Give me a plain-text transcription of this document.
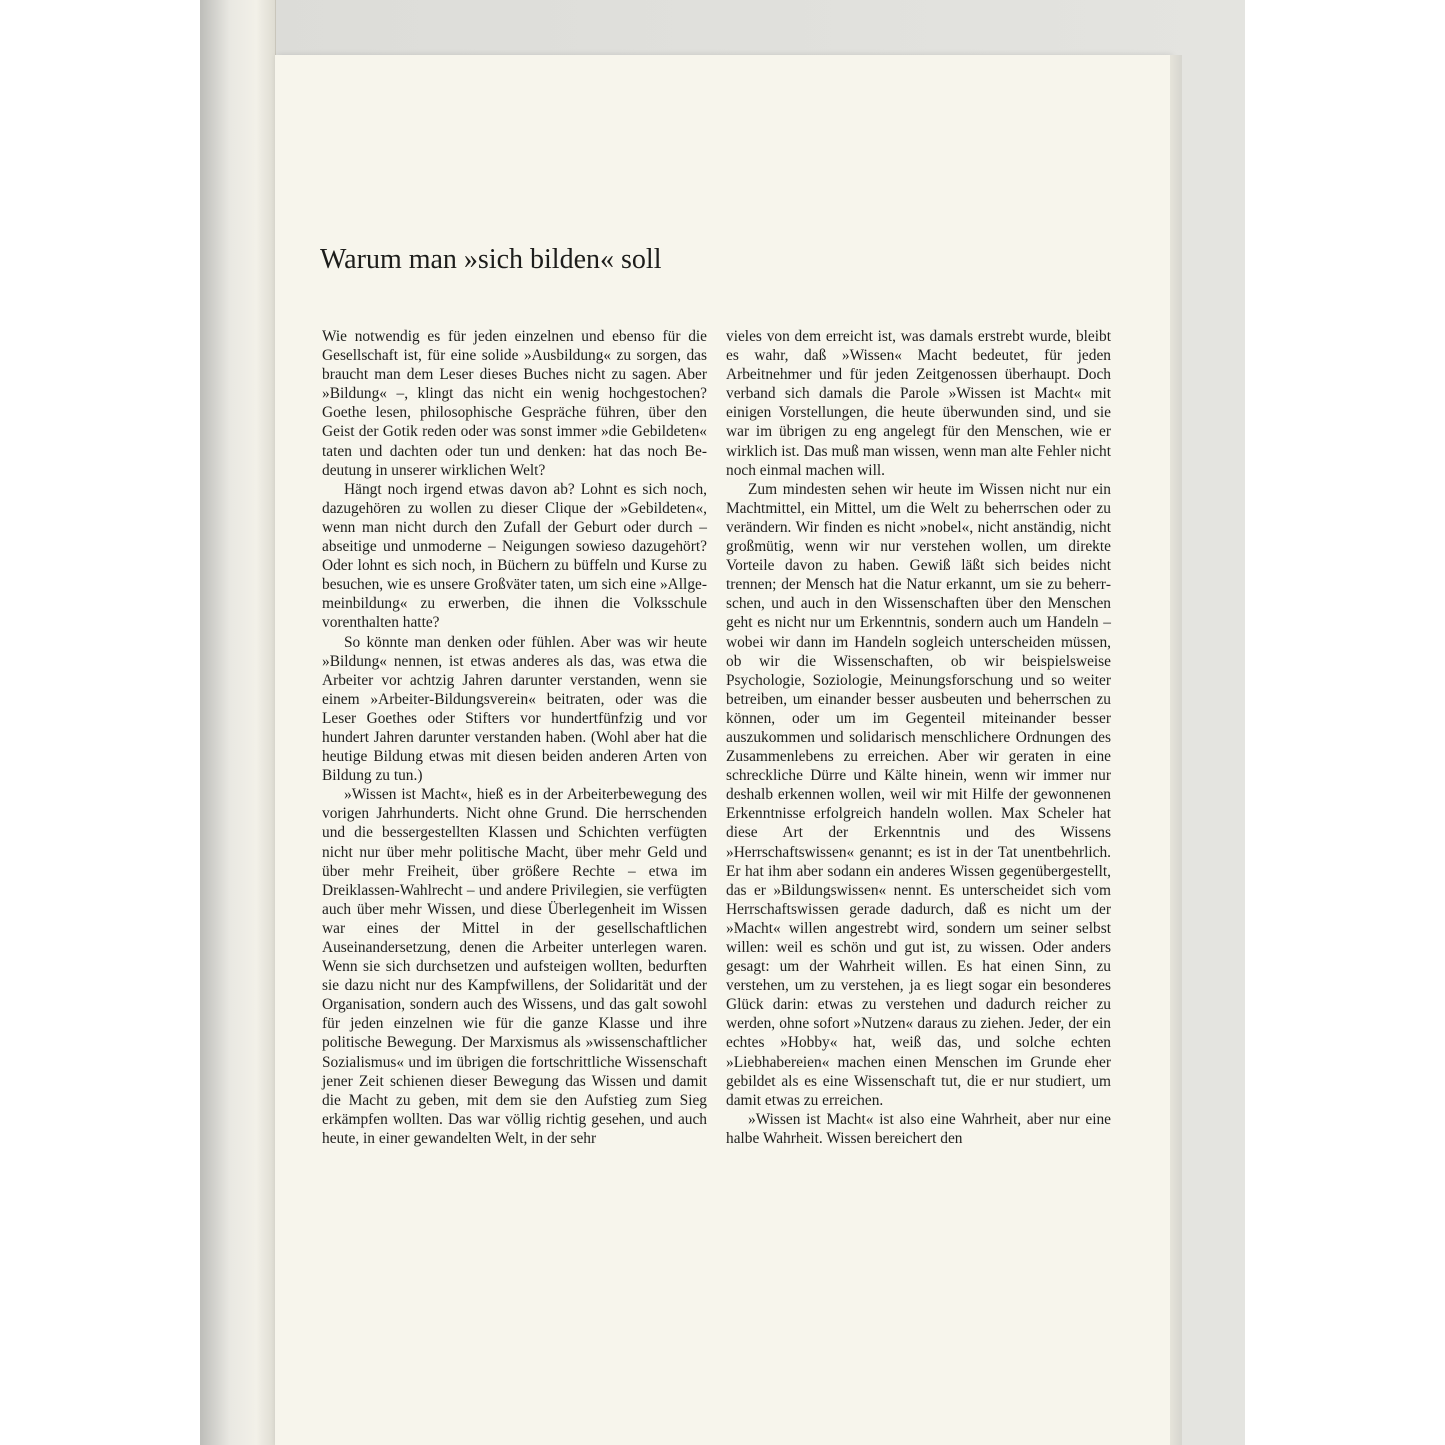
Warum man »sich bilden« soll

Wie notwendig es für jeden einzelnen und ebenso für die Gesellschaft ist, für eine solide »Ausbildung« zu sorgen, das braucht man dem Leser dieses Buches nicht zu sagen. Aber »Bildung« –, klingt das nicht ein wenig hochgestochen? Goethe lesen, philosophische Gespräche führen, über den Geist der Gotik reden oder was sonst immer »die Gebildeten« taten und dachten oder tun und denken: hat das noch Bedeutung in unserer wirklichen Welt?

Hängt noch irgend etwas davon ab? Lohnt es sich noch, dazugehören zu wollen zu dieser Clique der »Gebildeten«, wenn man nicht durch den Zufall der Geburt oder durch – abseitige und unmoderne – Neigungen sowieso dazugehört? Oder lohnt es sich noch, in Büchern zu büffeln und Kurse zu besuchen, wie es unsere Großväter taten, um sich eine »Allgemeinbildung« zu erwerben, die ihnen die Volksschule vorenthalten hatte?

So könnte man denken oder fühlen. Aber was wir heute »Bildung« nennen, ist etwas anderes als das, was etwa die Arbeiter vor achtzig Jahren darunter verstanden, wenn sie einem »Arbeiter-Bildungsverein« beitraten, oder was die Leser Goethes oder Stifters vor hundertfünfzig und vor hundert Jahren darunter verstanden haben. (Wohl aber hat die heutige Bildung etwas mit diesen beiden anderen Arten von Bildung zu tun.)

»Wissen ist Macht«, hieß es in der Arbeiterbewegung des vorigen Jahrhunderts. Nicht ohne Grund. Die herrschenden und die bessergestellten Klassen und Schichten verfügten nicht nur über mehr politische Macht, über mehr Geld und über mehr Freiheit, über größere Rechte – etwa im Dreiklassen-Wahlrecht – und andere Privilegien, sie verfügten auch über mehr Wissen, und diese Überlegenheit im Wissen war eines der Mittel in der gesellschaftlichen Auseinandersetzung, denen die Arbeiter unterlegen waren. Wenn sie sich durchsetzen und aufsteigen wollten, bedurften sie dazu nicht nur des Kampfwillens, der Solidarität und der Organisation, sondern auch des Wissens, und das galt sowohl für jeden einzelnen wie für die ganze Klasse und ihre politische Bewegung. Der Marxismus als »wissenschaftlicher Sozialismus« und im übrigen die fortschrittliche Wissenschaft jener Zeit schienen dieser Bewegung das Wissen und damit die Macht zu geben, mit dem sie den Aufstieg zum Sieg erkämpfen wollten. Das war völlig richtig gesehen, und auch heute, in einer gewandelten Welt, in der sehr

vieles von dem erreicht ist, was damals erstrebt wurde, bleibt es wahr, daß »Wissen« Macht bedeutet, für jeden Arbeitnehmer und für jeden Zeitgenossen überhaupt. Doch verband sich damals die Parole »Wissen ist Macht« mit einigen Vorstellungen, die heute überwunden sind, und sie war im übrigen zu eng angelegt für den Menschen, wie er wirklich ist. Das muß man wissen, wenn man alte Fehler nicht noch einmal machen will.

Zum mindesten sehen wir heute im Wissen nicht nur ein Machtmittel, ein Mittel, um die Welt zu beherrschen oder zu verändern. Wir finden es nicht »nobel«, nicht anständig, nicht großmütig, wenn wir nur verstehen wollen, um direkte Vorteile davon zu haben. Gewiß läßt sich beides nicht trennen; der Mensch hat die Natur erkannt, um sie zu beherrschen, und auch in den Wissenschaften über den Menschen geht es nicht nur um Erkenntnis, sondern auch um Handeln – wobei wir dann im Handeln sogleich unterscheiden müssen, ob wir die Wissenschaften, ob wir beispielsweise Psychologie, Soziologie, Meinungsforschung und so weiter betreiben, um einander besser ausbeuten und beherrschen zu können, oder um im Gegenteil miteinander besser auszukommen und solidarisch menschlichere Ordnungen des Zusammenlebens zu erreichen. Aber wir geraten in eine schreckliche Dürre und Kälte hinein, wenn wir immer nur deshalb erkennen wollen, weil wir mit Hilfe der gewonnenen Erkenntnisse erfolgreich handeln wollen. Max Scheler hat diese Art der Erkenntnis und des Wissens »Herrschaftswissen« genannt; es ist in der Tat unentbehrlich. Er hat ihm aber sodann ein anderes Wissen gegenübergestellt, das er »Bildungswissen« nennt. Es unterscheidet sich vom Herrschaftswissen gerade dadurch, daß es nicht um der »Macht« willen angestrebt wird, sondern um seiner selbst willen: weil es schön und gut ist, zu wissen. Oder anders gesagt: um der Wahrheit willen. Es hat einen Sinn, zu verstehen, um zu verstehen, ja es liegt sogar ein besonderes Glück darin: etwas zu verstehen und dadurch reicher zu werden, ohne sofort »Nutzen« daraus zu ziehen. Jeder, der ein echtes »Hobby« hat, weiß das, und solche echten »Liebhabereien« machen einen Menschen im Grunde eher gebildet als es eine Wissenschaft tut, die er nur studiert, um damit etwas zu erreichen.

»Wissen ist Macht« ist also eine Wahrheit, aber nur eine halbe Wahrheit. Wissen bereichert den
